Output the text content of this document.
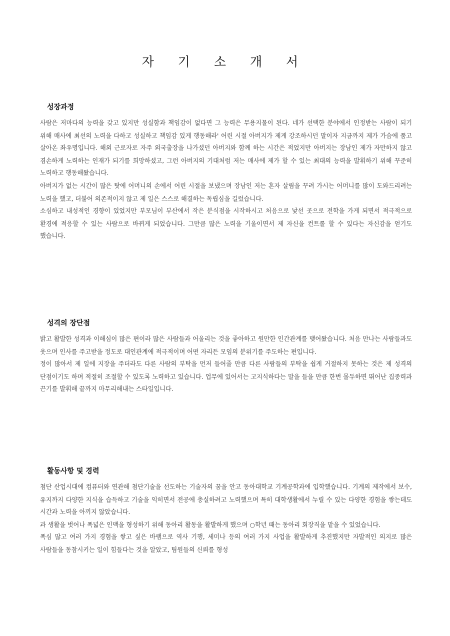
자 기 소 개 서
성장과정

사람은 저마다의 능력을 갖고 있지만 성실함과 책임감이 없다면 그 능력은 무용지물이 된다. 네가 선택한 분야에서 인정받는 사람이 되기 위해 매사에 최선의 노력을 다하고 성실하고 책임감 있게 행동해라' 어린 시절 아버지가 제게 강조하시던 말이자 지금까지 제가 가슴에 품고 살아온 좌우명입니다. 해외 근로자로 자주 외국출장을 나가셨던 아버지와 함께 하는 시간은 적었지만 아버지는 장남인 제가 자만하지 않고 겸손하게 노력하는 인재가 되기를 희망하셨고, 그런 아버지의 기대처럼 저는 매사에 제가 할 수 있는 최대의 능력을 발휘하기 위해 꾸준히 노력하고 행동해왔습니다.

아버지가 없는 시간이 많은 탓에 어머니의 손에서 어린 시절을 보냈으며 장남인 저는 혼자 살림을 꾸려 가시는 어머니를 많이 도와드리려는 노력을 했고, 더불어 의존적이지 않고 제 일은 스스로 해결하는 독립심을 길렀습니다.

소심하고 내성적인 경향이 있었지만 부모님이 부산에서 작은 분식점을 시작하시고 처음으로 낯선 곳으로 전학을 가게 되면서 적극적으로 환경에 적응할 수 있는 사람으로 바뀌게 되었습니다. 그만큼 많은 노력을 기울이면서 제 자신을 컨트롤 할 수 있다는 자신감을 얻기도 했습니다.

성격의 장단점

밝고 활발한 성격과 이해심이 많은 편이라 많은 사람들과 어울리는 것을 좋아하고 원만한 인간관계를 맺어왔습니다. 처음 만나는 사람들과도 웃으며 인사를 주고받을 정도로 대인관계에 적극적이며 어떤 자리든 모임의 분위기를 주도하는 편입니다.

정이 많아서 제 일에 지장을 주더라도 다른 사람의 부탁을 먼저 들어줄 만큼 다른 사람들의 부탁을 쉽게 거절하지 못하는 것은 제 성격의 단점이기도 하며 적절히 조절할 수 있도록 노력하고 있습니다. 업무에 있어서는 고지식하다는 말을 들을 만큼 한번 몰두하면 뛰어난 집중력과 끈기를 발휘해 끝까지 마무리해내는 스타일입니다.

활동사항 및 경력

첨단 산업시대에 컴퓨터와 연관해 첨단기술을 선도하는 기술자의 꿈을 안고 동아대학교 기계공학과에 입학했습니다. 기계의 제작에서 보수, 유지까지 다양한 지식을 습득하고 기술을 익히면서 전공에 충실하려고 노력했으며 특히 대학생활에서 누릴 수 있는 다양한 경험을 쌓는데도 시간과 노력을 아끼지 않았습니다.

과 생활을 벗어나 폭넓은 인맥을 형성하기 위해 동아리 활동을 활발하게 했으며 ○학년 때는 동아리 회장직을 맡을 수 있었습니다.

폭심 많고 여러 가지 경험을 쌓고 싶은 바램으로 역사 기행, 세미나 등의 여러 가지 사업을 활발하게 추진했지만 자발적인 의지로 많은 사람들을 동참시키는 일이 힘들다는 것을 알았고, 팀원들의 신뢰를 형성
